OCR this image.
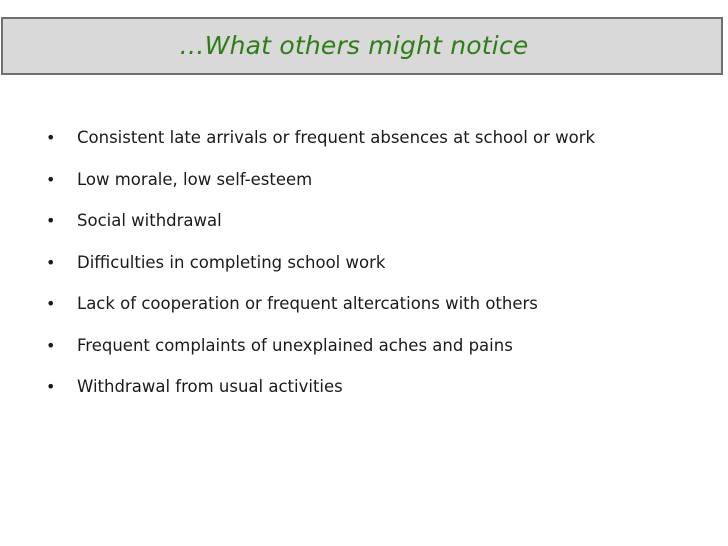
…What others might notice
•	Consistent late arrivals or frequent absences at school or work
•	Low morale, low self-esteem
•	Social withdrawal
•	Difficulties in completing school work
•	Lack of cooperation or frequent altercations with others
•	Frequent complaints of unexplained aches and pains
•	Withdrawal from usual activities
